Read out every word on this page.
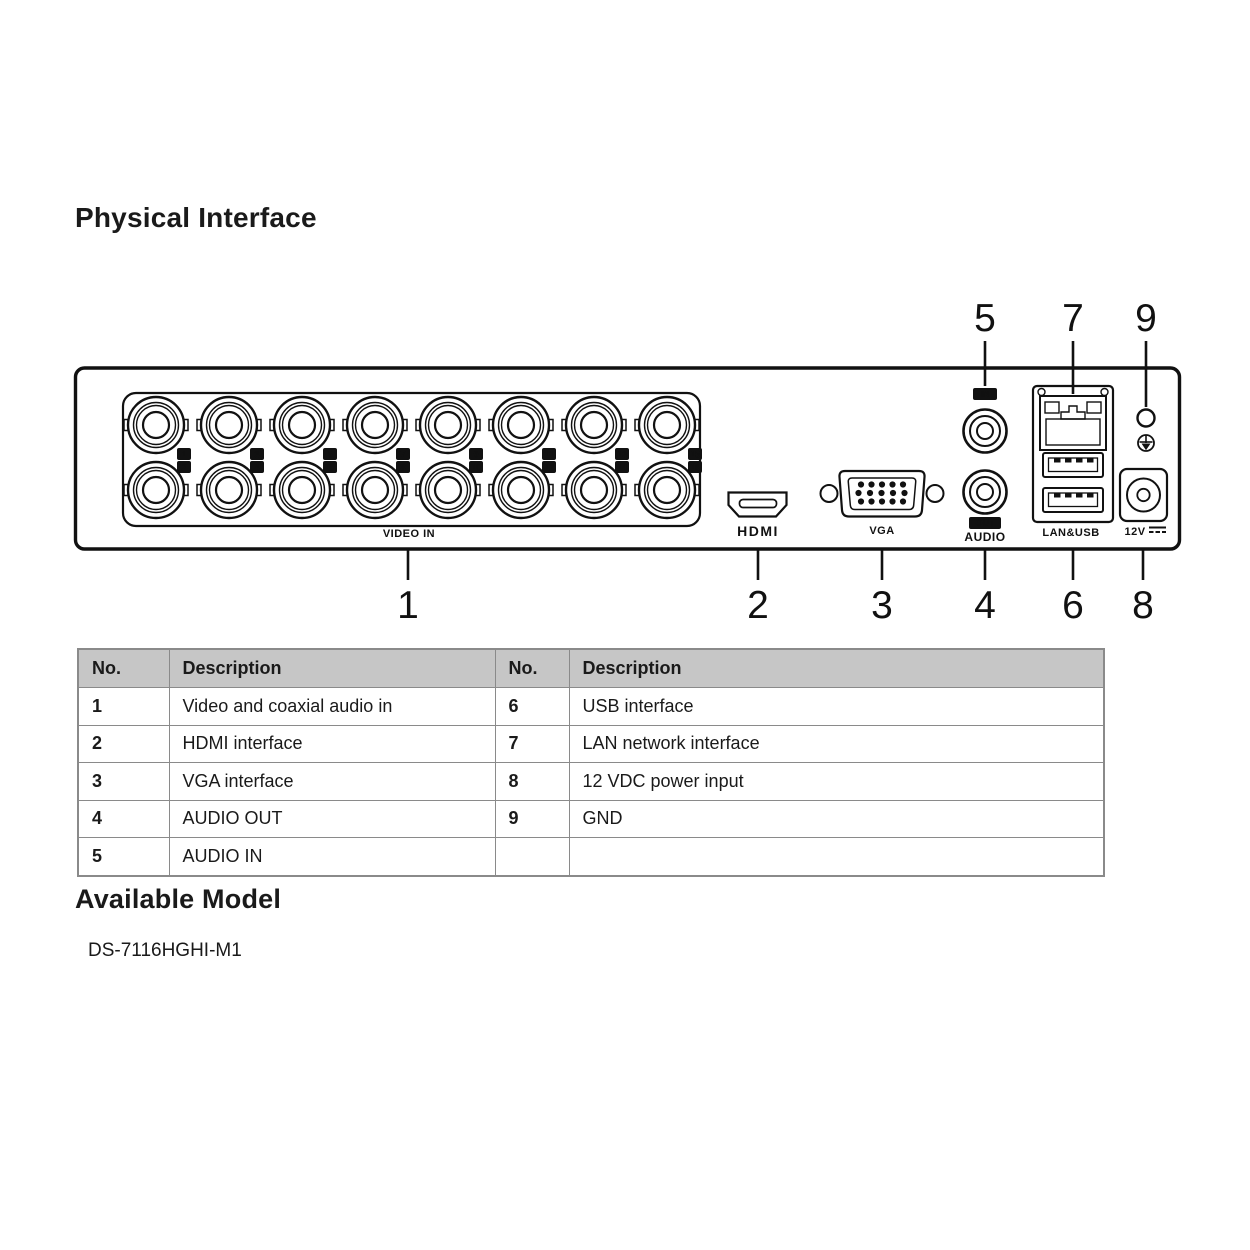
Physical Interface
1
2
3
4
5
6
7
8
9
10
11
12
13
14
15
16
VIDEO IN	HDMI	VGA
IN
OUT
AUDIO	LAN&USB 12V
5 7 9
1	2	3 4 6 8
No.	Description	No.	Description
1	Video and coaxial audio in	6	USB interface
2	HDMI interface	7	LAN network interface
3	VGA interface	8	12 VDC power input
4	AUDIO OUT	9	GND
5	AUDIO IN		
Available Model
DS-7116HGHI-M1
